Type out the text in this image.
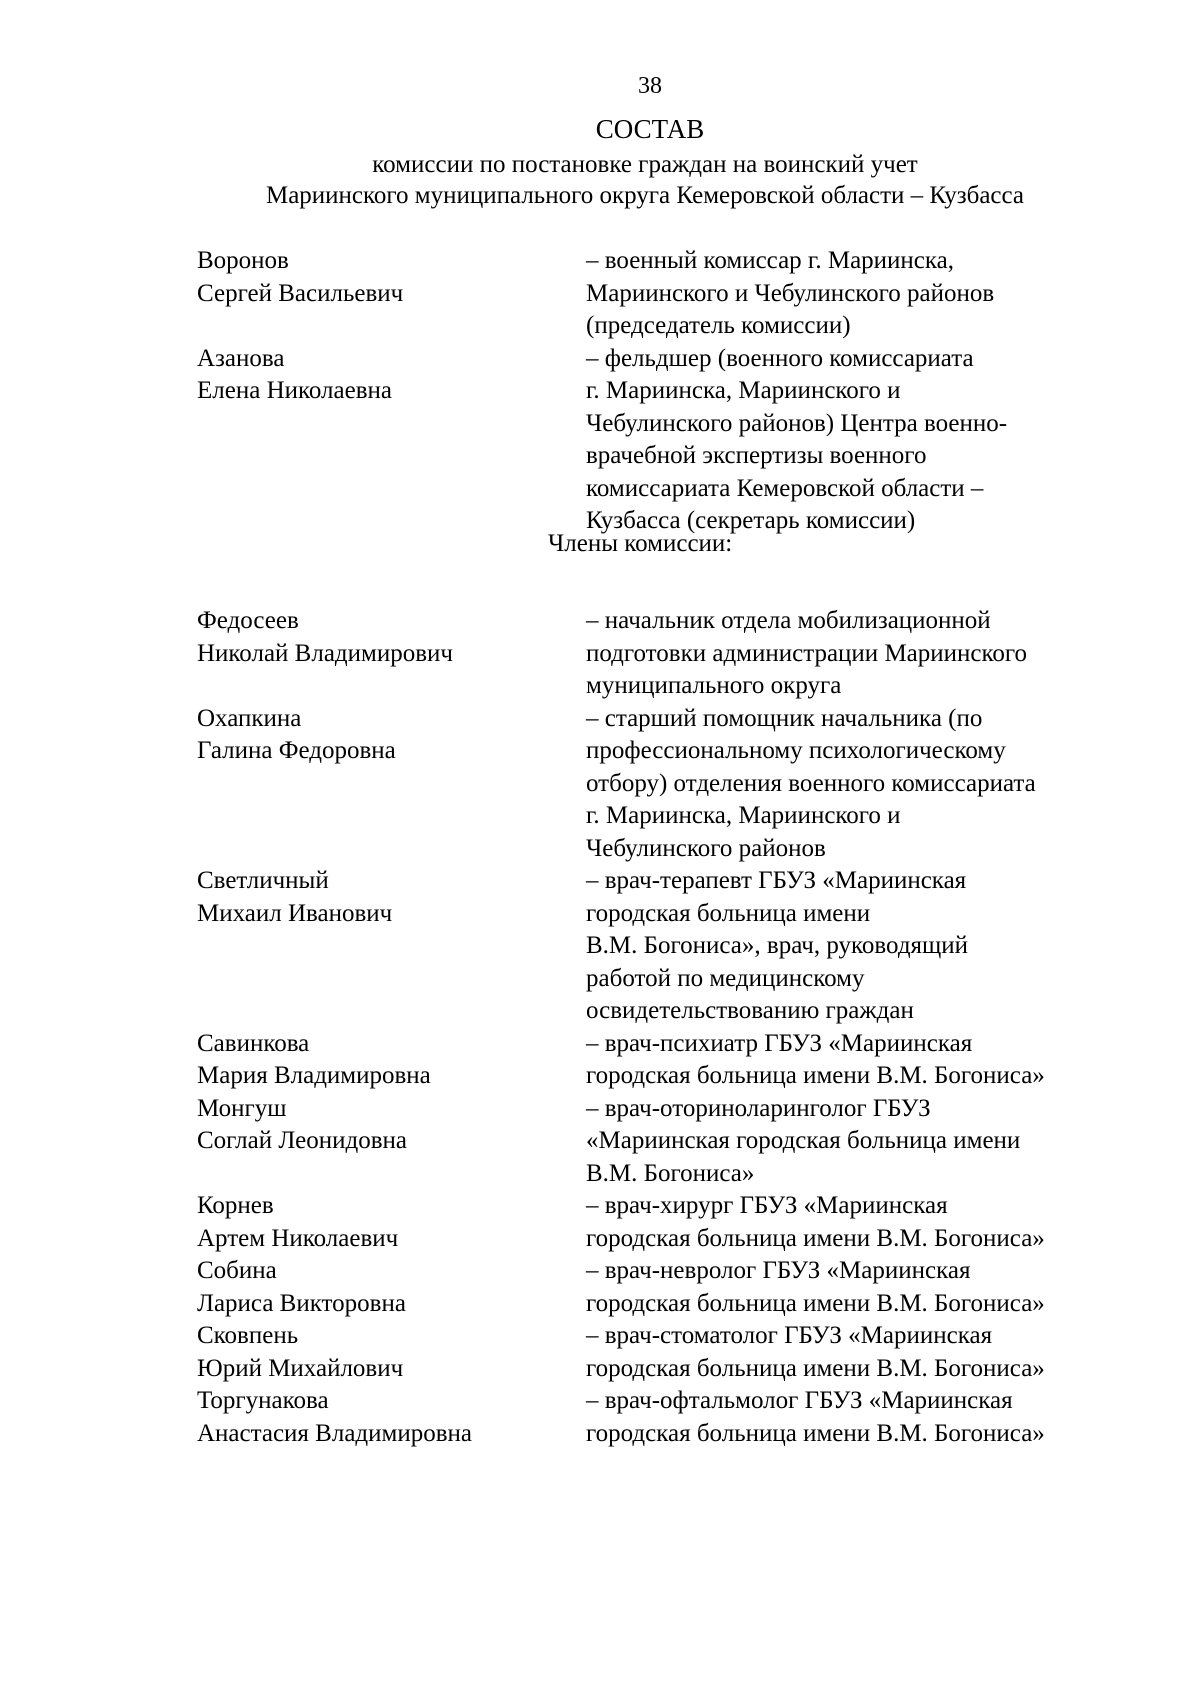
38
СОСТАВ
комиссии по постановке граждан на воинский учет
Мариинского муниципального округа Кемеровской области – Кузбасса
Воронов
Сергей Васильевич
– военный комиссар г. Мариинска,
Мариинского и Чебулинского районов
(председатель комиссии)
Азанова
Елена Николаевна
– фельдшер (военного комиссариата
г. Мариинска, Мариинского и
Чебулинского районов) Центра военно-
врачебной экспертизы военного
комиссариата Кемеровской области –
Кузбасса (секретарь комиссии)
Члены комиссии:
Федосеев
Николай Владимирович
– начальник отдела мобилизационной
подготовки администрации Мариинского
муниципального округа
Охапкина
Галина Федоровна
– старший помощник начальника (по
профессиональному психологическому
отбору) отделения военного комиссариата
г. Мариинска, Мариинского и
Чебулинского районов
Светличный
Михаил Иванович
– врач-терапевт ГБУЗ «Мариинская
городская больница имени
В.М. Богониса», врач, руководящий
работой по медицинскому
освидетельствованию граждан
Савинкова
Мария Владимировна
– врач-психиатр ГБУЗ «Мариинская
городская больница имени В.М. Богониса»
Монгуш
Соглай Леонидовна
– врач-оториноларинголог ГБУЗ
«Мариинская городская больница имени
В.М. Богониса»
Корнев
Артем Николаевич
– врач-хирург ГБУЗ «Мариинская
городская больница имени В.М. Богониса»
Собина
Лариса Викторовна
– врач-невролог ГБУЗ «Мариинская
городская больница имени В.М. Богониса»
Сковпень
Юрий Михайлович
– врач-стоматолог ГБУЗ «Мариинская
городская больница имени В.М. Богониса»
Торгунакова
Анастасия Владимировна
– врач-офтальмолог ГБУЗ «Мариинская
городская больница имени В.М. Богониса»
